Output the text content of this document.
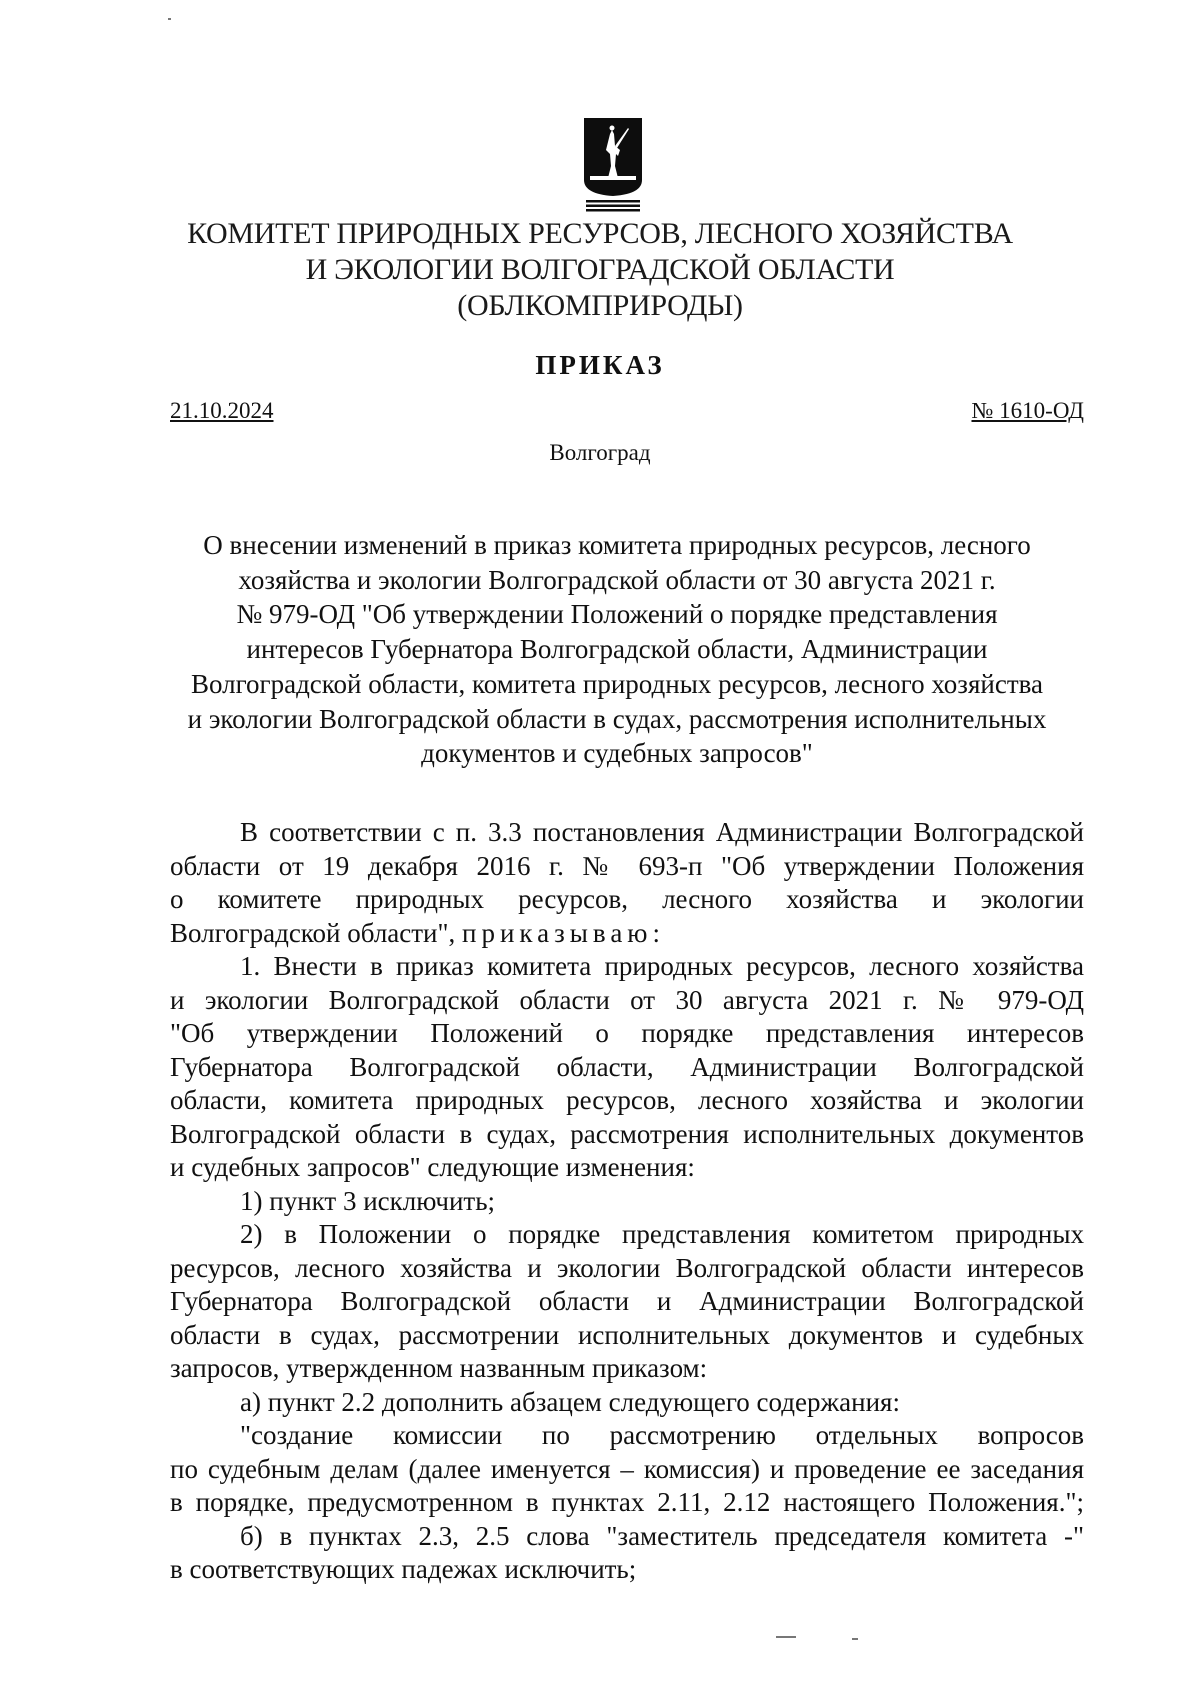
КОМИТЕТ ПРИРОДНЫХ РЕСУРСОВ, ЛЕСНОГО ХОЗЯЙСТВА
И ЭКОЛОГИИ ВОЛГОГРАДСКОЙ ОБЛАСТИ
(ОБЛКОМПРИРОДЫ)
ПРИКАЗ
21.10.2024	№ 1610-ОД
Волгоград
О внесении изменений в приказ комитета природных ресурсов, лесного
хозяйства и экологии Волгоградской области от 30 августа 2021 г.
№ 979-ОД "Об утверждении Положений о порядке представления
интересов Губернатора Волгоградской области, Администрации
Волгоградской области, комитета природных ресурсов, лесного хозяйства
и экологии Волгоградской области в судах, рассмотрения исполнительных
документов и судебных запросов"
В соответствии с п. 3.3 постановления Администрации Волгоградской
области от 19 декабря 2016 г. № 693-п "Об утверждении Положения
о комитете природных ресурсов, лесного хозяйства и экологии
Волгоградской области", приказываю:
1. Внести в приказ комитета природных ресурсов, лесного хозяйства
и экологии Волгоградской области от 30 августа 2021 г. № 979-ОД
"Об утверждении Положений о порядке представления интересов
Губернатора Волгоградской области, Администрации Волгоградской
области, комитета природных ресурсов, лесного хозяйства и экологии
Волгоградской области в судах, рассмотрения исполнительных документов
и судебных запросов" следующие изменения:
1) пункт 3 исключить;
2) в Положении о порядке представления комитетом природных
ресурсов, лесного хозяйства и экологии Волгоградской области интересов
Губернатора Волгоградской области и Администрации Волгоградской
области в судах, рассмотрении исполнительных документов и судебных
запросов, утвержденном названным приказом:
а) пункт 2.2 дополнить абзацем следующего содержания:
"создание комиссии по рассмотрению отдельных вопросов
по судебным делам (далее именуется – комиссия) и проведение ее заседания
в порядке, предусмотренном в пунктах 2.11, 2.12 настоящего Положения.";
б) в пунктах 2.3, 2.5 слова "заместитель председателя комитета -"
в соответствующих падежах исключить;
